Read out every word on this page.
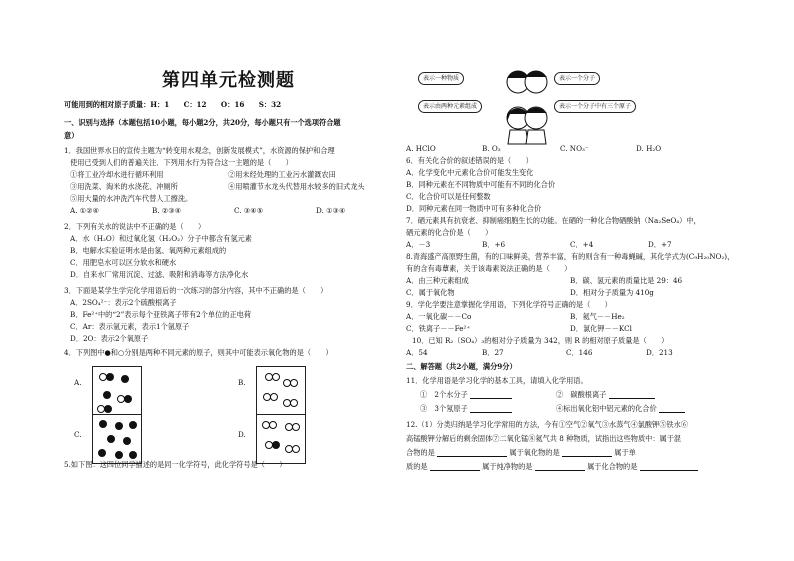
第四单元检测题
可能用到的相对原子质量：H：1　　C：12　　O：16　　S：32
一、识别与选择（本题包括10小题，每小题2分，共20分，每小题只有一个选项符合题
意）
1．我国世界水日的宣传主题为“转变用水观念，创新发展模式”，水资源的保护和合理
使用已受到人们的普遍关注．下列用水行为符合这一主题的是（　　）
①将工业冷却水进行循环利用	②用未经处理的工业污水灌溉农田
③用洗菜、淘米的水浇花、冲厕所	④用喷灌节水龙头代替用水较多的旧式龙头
⑤用大量的水冲洗汽车代替人工擦洗。
A. ①②④	B. ②③④	C. ③④⑤	D. ①③④
2．下列有关水的说法中不正确的是（　　）
A．水（H₂O）和过氧化氢（H₂O₂）分子中都含有氢元素
B．电解水实验证明水是由氢、氧两种元素组成的
C．用肥皂水可以区分软水和硬水
D．自来水厂常用沉淀、过滤、吸附和消毒等方法净化水
3．下面是某学生学完化学用语后的一次练习的部分内容，其中不正确的是（　　）
A．2SO₄²⁻：表示2个硫酸根离子
B．Fe²⁺中的“2”表示每个亚铁离子带有2个单位的正电荷
C．Ar：表示氩元素，表示1个氩原子
D．2O：表示2个氧原子
4．下列图中●和○分别是两种不同元素的原子，则其中可能表示氧化物的是（　　）
A.	B.
C.	D.
5.如下图：这四位同学描述的是同一化学符号，此化学符号是（　　）
表示一种物质	表示一个分子
表示由两种元素组成	表示一个分子中有三个原子
A. HClO	B. O₃	C. NO₃⁻	D. H₂O
6．有关化合价的叙述错误的是（　　）
A．化学变化中元素化合价可能发生变化
B．同种元素在不同物质中可能有不同的化合价
C．化合价可以是任何整数
D．同种元素在同一物质中可有多种化合价
7．硒元素具有抗衰老、抑制癌细胞生长的功能。在硒的一种化合物硒酸钠（Na₂SeO₄）中，
硒元素的化合价是（　　）
A．－3	B．+6	C．+4	D．+7
8.青海盛产高原野生菌，有的口味鲜美，营养丰富，有的则含有一种毒蝇碱，其化学式为(C₉H₂₀NO₂)，
有的含有毒蕈素，关于该毒素说法正确的是（　　）
A．由三种元素组成	B．碳、氢元素的质量比是 29：46
C．属于氧化物	D．相对分子质量为 410g
9．学化学要注意掌握化学用语，下列化学符号正确的是（　　）
A．一氧化碳－－Co	B．氦气－－He₂
C．铁离子－－Fe²⁺	D．氯化钾－－KCl
10．已知 R₂（SO₄）₃的相对分子质量为 342，则 R 的相对原子质量是（　　）
A．54	B．27	C．146	D．213
二、解答题（共2小题，满分9分）
11．化学用语是学习化学的基本工具，请填入化学用语。
①　2个水分子	②　碳酸根离子
③　3个氖原子	④标出氧化铝中铝元素的化合价
12.（1）分类归纳是学习化学常用的方法，今有①空气②氧气③水蒸气④氯酸钾⑤铁水⑥
高锰酸钾分解后的剩余固体⑦二氧化锰⑧氦气共 8 种物质，试指出这些物质中：属于混
合物的是	属于氧化物的是	属于单
质的是	属于纯净物的是	属于化合物的是
